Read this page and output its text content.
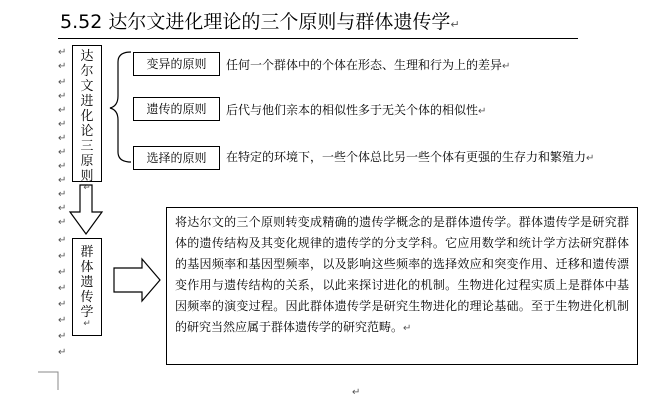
5.52 达尔文进化理论的三个原则与群体遗传学↵
↵
↵
↵
↵
↵
↵
↵
↵
↵
↵
↵
↵
↵
↵
↵
↵
↵
↵
↵
↵
↵
达
尔
文
进
化
论
三
原
则
↵
变异的原则 任何一个群体中的个体在形态、生理和行为上的差异↵
遗传的原则 后代与他们亲本的相似性多于无关个体的相似性↵
选择的原则 在特定的环境下，一些个体总比另一些个体有更强的生存力和繁殖力↵
群
体
遗
传
学
↵
将达尔文的三个原则转变成精确的遗传学概念的是群体遗传学。群体遗传学是研究群体的遗传结构及其变化规律的遗传学的分支学科。它应用数学和统计学方法研究群体的基因频率和基因型频率，以及影响这些频率的选择效应和突变作用、迁移和遗传漂变作用与遗传结构的关系，以此来探讨进化的机制。生物进化过程实质上是群体中基因频率的演变过程。因此群体遗传学是研究生物进化的理论基础。至于生物进化机制的研究当然应属于群体遗传学的研究范畴。↵
↵
